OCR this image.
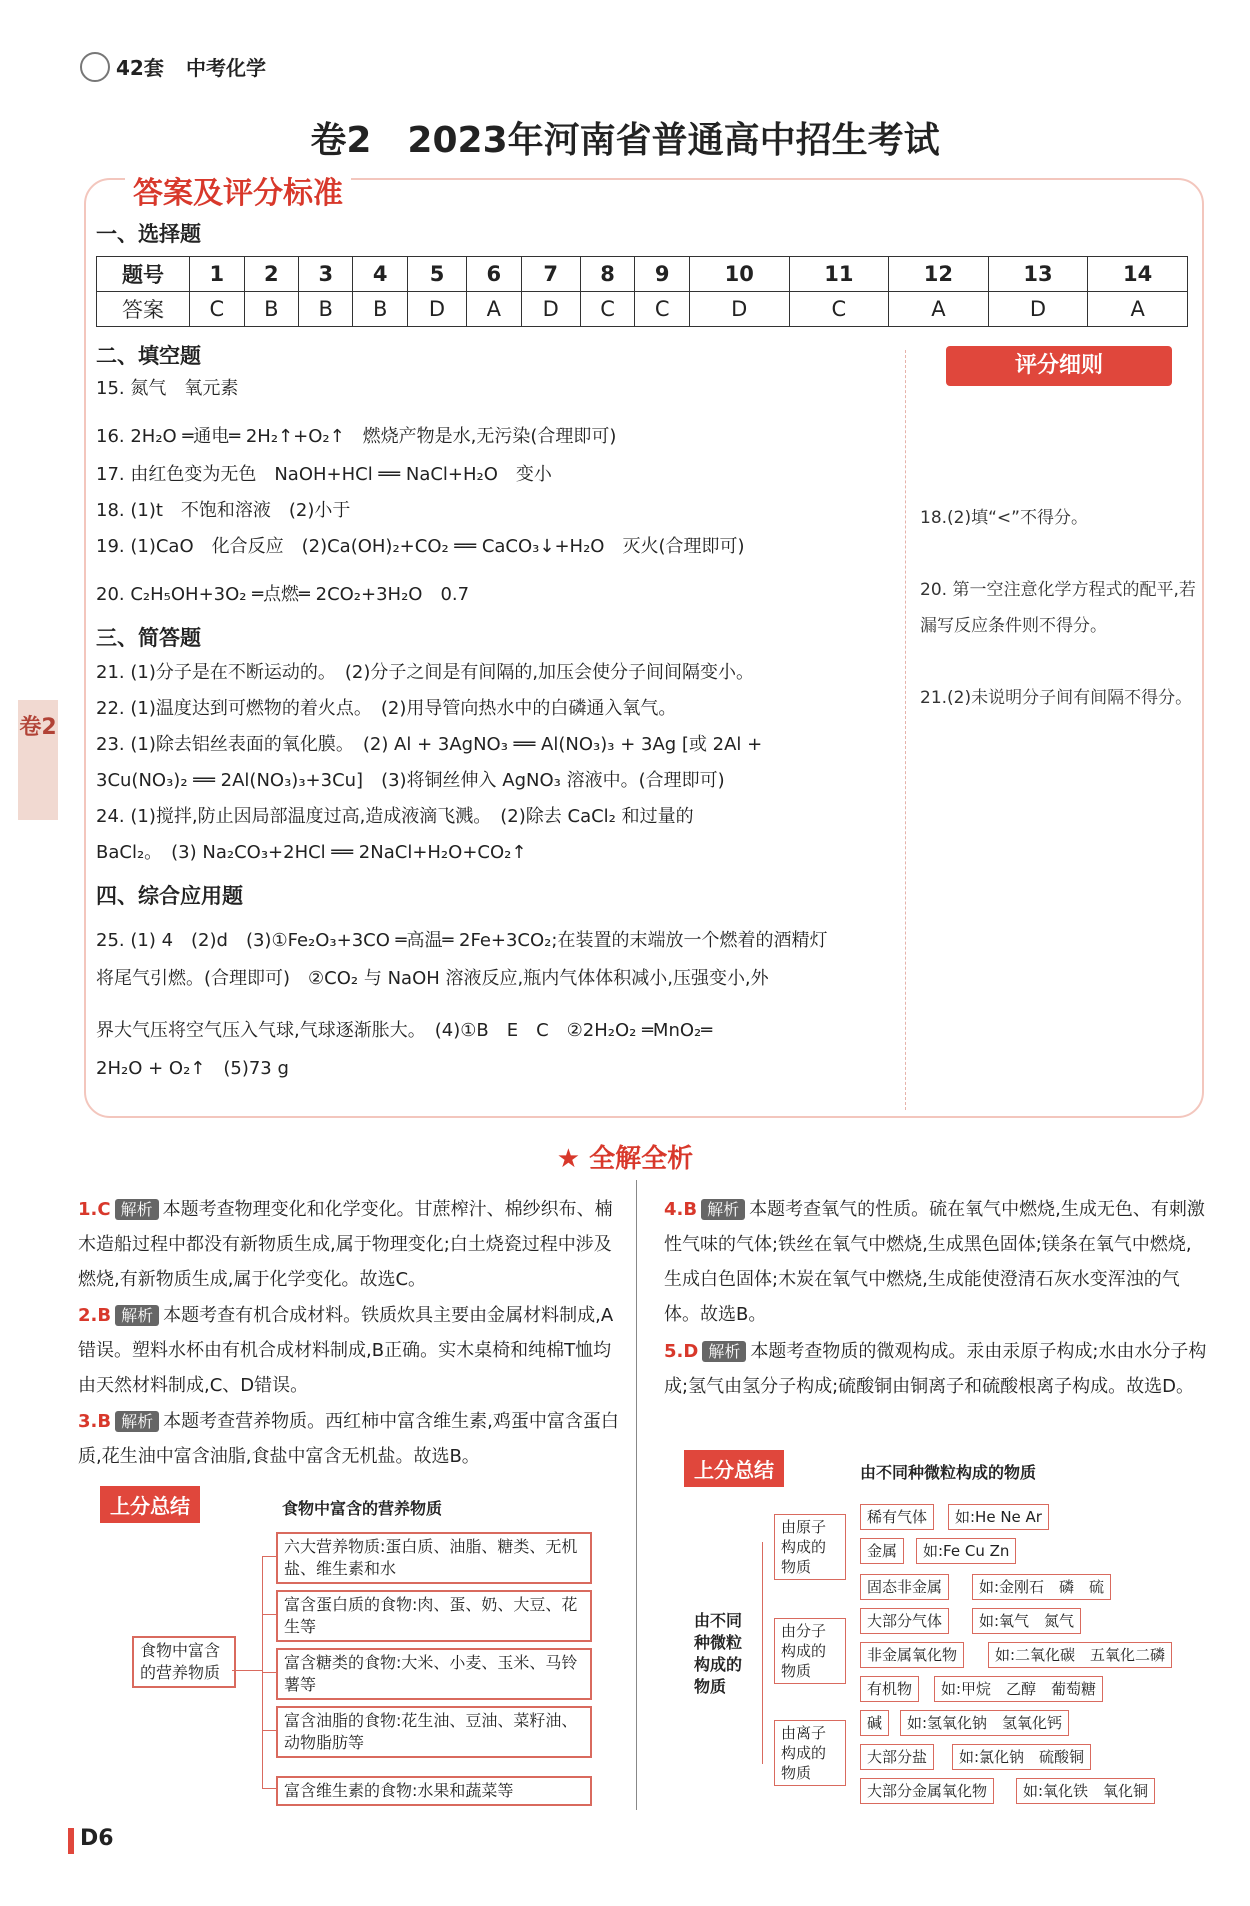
42套 中考化学
卷2　2023年河南省普通高中招生考试
答案及评分标准
一、选择题
题号	1	2	3	4	5	6	7	8	9	10	11	12	13	14
答案	C	B	B	B	D	A	D	C	C	D	C	A	D	A
二、填空题
15. 氮气　氧元素
16. 2H₂O ═通电═ 2H₂↑+O₂↑　燃烧产物是水,无污染(合理即可)
17. 由红色变为无色　NaOH+HCl ══ NaCl+H₂O　变小
18. (1)t　不饱和溶液　(2)小于
19. (1)CaO　化合反应　(2)Ca(OH)₂+CO₂ ══ CaCO₃↓+H₂O　灭火(合理即可)
20. C₂H₅OH+3O₂ ═点燃═ 2CO₂+3H₂O　0.7
三、简答题
21. (1)分子是在不断运动的。　(2)分子之间是有间隔的,加压会使分子间间隔变小。
22. (1)温度达到可燃物的着火点。　(2)用导管向热水中的白磷通入氧气。
23. (1)除去铝丝表面的氧化膜。　(2) Al + 3AgNO₃ ══ Al(NO₃)₃ + 3Ag [或 2Al +
3Cu(NO₃)₂ ══ 2Al(NO₃)₃+3Cu]　(3)将铜丝伸入 AgNO₃ 溶液中。(合理即可)
24. (1)搅拌,防止因局部温度过高,造成液滴飞溅。　(2)除去 CaCl₂ 和过量的
BaCl₂。　(3) Na₂CO₃+2HCl ══ 2NaCl+H₂O+CO₂↑
四、综合应用题
25. (1) 4　(2)d　(3)①Fe₂O₃+3CO ═高温═ 2Fe+3CO₂;在装置的末端放一个燃着的酒精灯
将尾气引燃。(合理即可)　②CO₂ 与 NaOH 溶液反应,瓶内气体体积减小,压强变小,外
界大气压将空气压入气球,气球逐渐胀大。　(4)①B　E　C　②2H₂O₂ ═MnO₂═
2H₂O + O₂↑　(5)73 g
评分细则
18.(2)填“<”不得分。
20. 第一空注意化学方程式的配平,若漏写反应条件则不得分。
21.(2)未说明分子间有间隔不得分。
卷2
★ 全解全析
1.C 解析 本题考查物理变化和化学变化。甘蔗榨汁、棉纱织布、楠木造船过程中都没有新物质生成,属于物理变化;白土烧瓷过程中涉及燃烧,有新物质生成,属于化学变化。故选C。
2.B 解析 本题考查有机合成材料。铁质炊具主要由金属材料制成,A错误。塑料水杯由有机合成材料制成,B正确。实木桌椅和纯棉T恤均由天然材料制成,C、D错误。
3.B 解析 本题考查营养物质。西红柿中富含维生素,鸡蛋中富含蛋白质,花生油中富含油脂,食盐中富含无机盐。故选B。
4.B 解析 本题考查氧气的性质。硫在氧气中燃烧,生成无色、有刺激性气味的气体;铁丝在氧气中燃烧,生成黑色固体;镁条在氧气中燃烧,生成白色固体;木炭在氧气中燃烧,生成能使澄清石灰水变浑浊的气体。故选B。
5.D 解析 本题考查物质的微观构成。汞由汞原子构成;水由水分子构成;氢气由氢分子构成;硫酸铜由铜离子和硫酸根离子构成。故选D。
上分总结	食物中富含的营养物质
食物中富含的营养物质
六大营养物质:蛋白质、油脂、糖类、无机盐、维生素和水
富含蛋白质的食物:肉、蛋、奶、大豆、花生等
富含糖类的食物:大米、小麦、玉米、马铃薯等
富含油脂的食物:花生油、豆油、菜籽油、动物脂肪等
富含维生素的食物:水果和蔬菜等
上分总结	由不同种微粒构成的物质
由不同种微粒构成的物质
由原子构成的物质
由分子构成的物质
由离子构成的物质
稀有气体	如:He Ne Ar
金属	如:Fe Cu Zn
固态非金属	如:金刚石　磷　硫
大部分气体	如:氧气　氮气
非金属氧化物	如:二氧化碳　五氧化二磷
有机物	如:甲烷　乙醇　葡萄糖
碱	如:氢氧化钠　氢氧化钙
大部分盐	如:氯化钠　硫酸铜
大部分金属氧化物	如:氧化铁　氧化铜
D6
